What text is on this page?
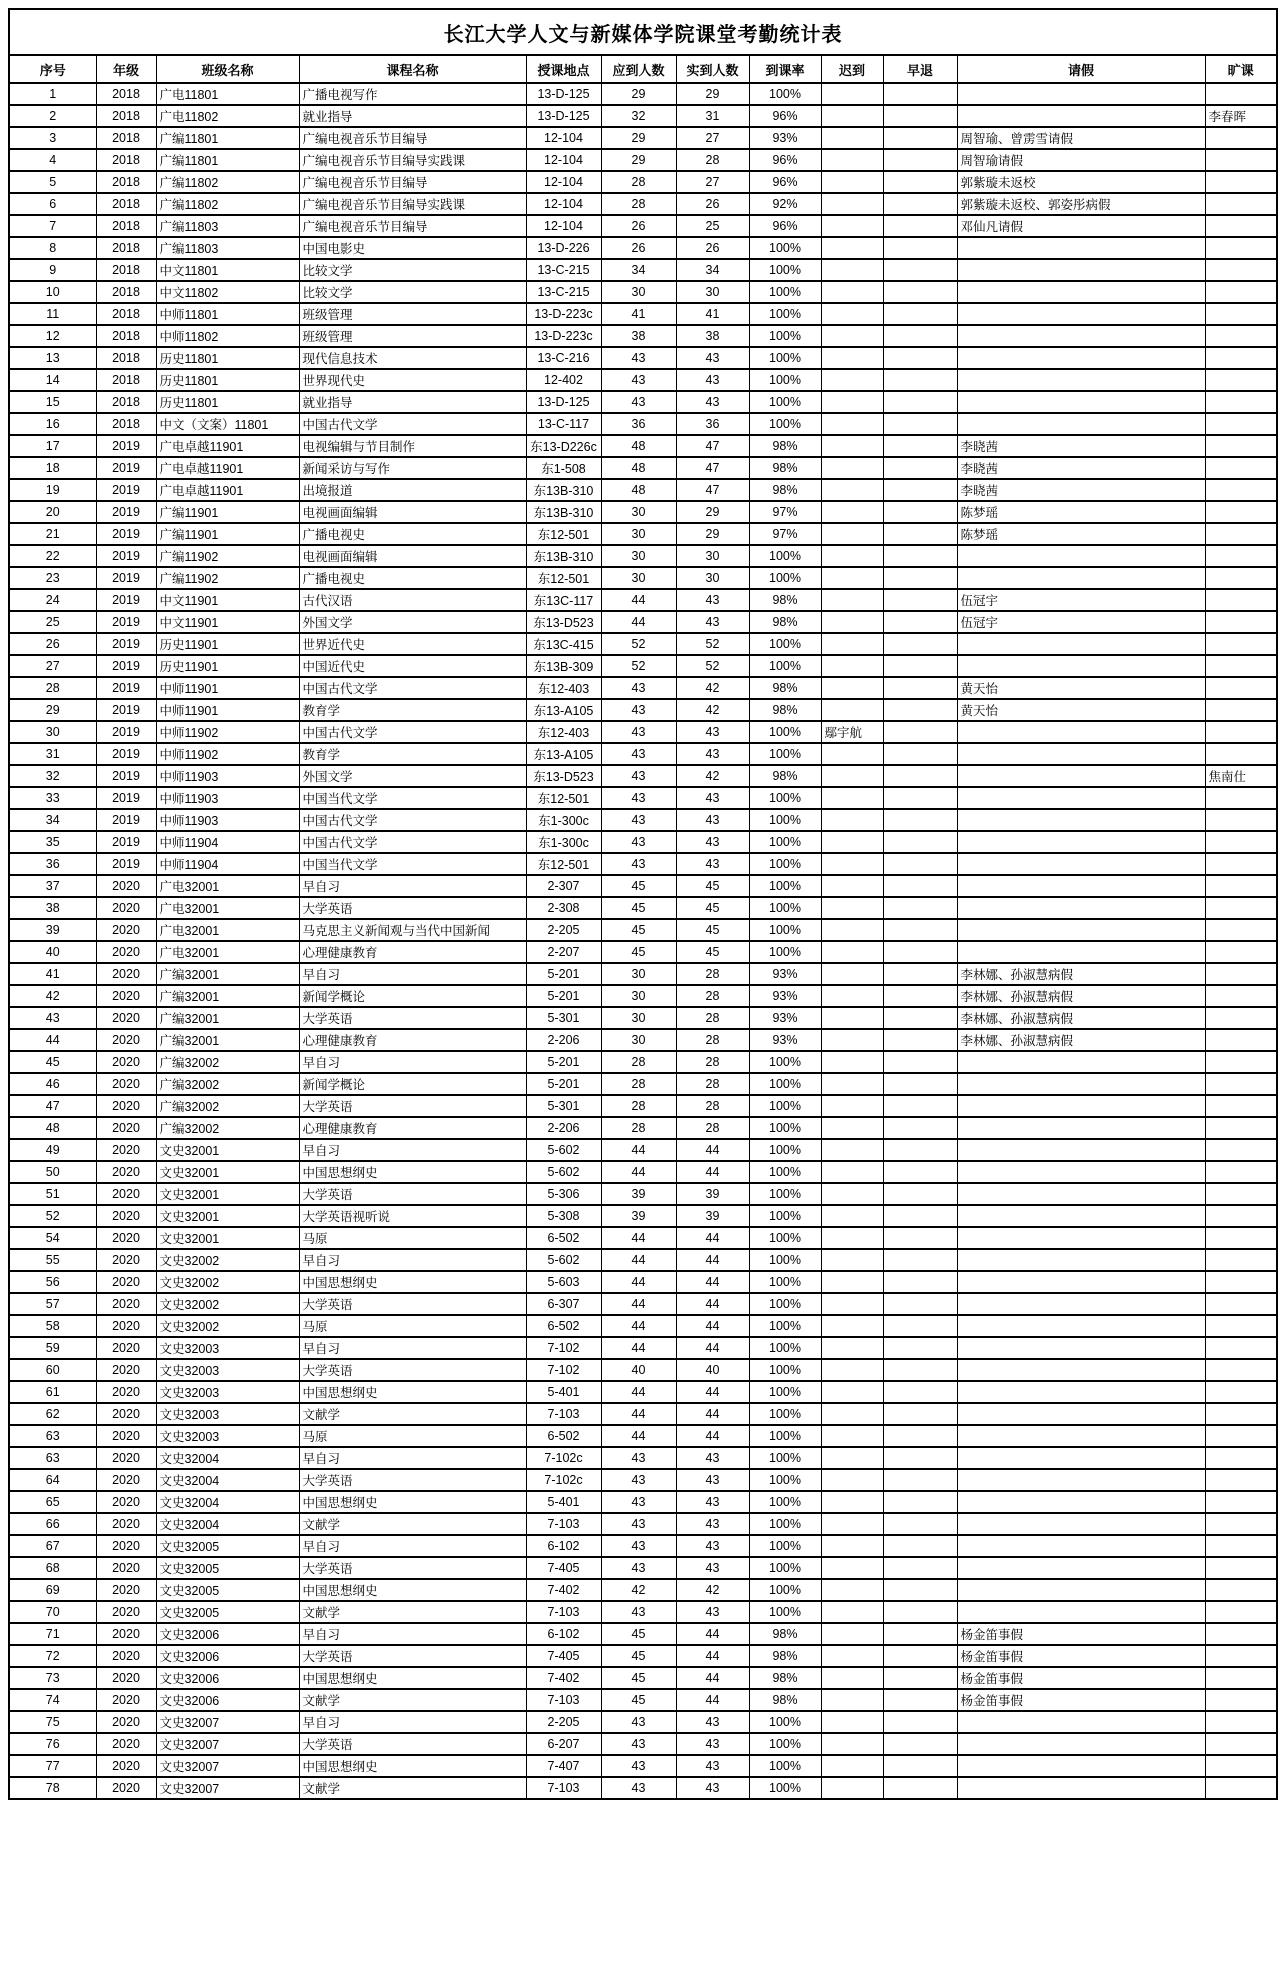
长江大学人文与新媒体学院课堂考勤统计表											
序号	年级	班级名称	课程名称	授课地点	应到人数	实到人数	到课率	迟到	早退	请假	旷课
1	2018	广电11801	广播电视写作	13-D-125	29	29	100%				
2	2018	广电11802	就业指导	13-D-125	32	31	96%				李春晖
3	2018	广编11801	广编电视音乐节目编导	12-104	29	27	93%			周智瑜、曾雳雪请假	
4	2018	广编11801	广编电视音乐节目编导实践课	12-104	29	28	96%			周智瑜请假	
5	2018	广编11802	广编电视音乐节目编导	12-104	28	27	96%			郭紫璇未返校	
6	2018	广编11802	广编电视音乐节目编导实践课	12-104	28	26	92%			郭紫璇未返校、郭姿彤病假	
7	2018	广编11803	广编电视音乐节目编导	12-104	26	25	96%			邓仙凡请假	
8	2018	广编11803	中国电影史	13-D-226	26	26	100%				
9	2018	中文11801	比较文学	13-C-215	34	34	100%				
10	2018	中文11802	比较文学	13-C-215	30	30	100%				
11	2018	中师11801	班级管理	13-D-223c	41	41	100%				
12	2018	中师11802	班级管理	13-D-223c	38	38	100%				
13	2018	历史11801	现代信息技术	13-C-216	43	43	100%				
14	2018	历史11801	世界现代史	12-402	43	43	100%				
15	2018	历史11801	就业指导	13-D-125	43	43	100%				
16	2018	中文（文案）11801	中国古代文学	13-C-117	36	36	100%				
17	2019	广电卓越11901	电视编辑与节目制作	东13-D226c	48	47	98%			李晓茜	
18	2019	广电卓越11901	新闻采访与写作	东1-508	48	47	98%			李晓茜	
19	2019	广电卓越11901	出境报道	东13B-310	48	47	98%			李晓茜	
20	2019	广编11901	电视画面编辑	东13B-310	30	29	97%			陈梦瑶	
21	2019	广编11901	广播电视史	东12-501	30	29	97%			陈梦瑶	
22	2019	广编11902	电视画面编辑	东13B-310	30	30	100%				
23	2019	广编11902	广播电视史	东12-501	30	30	100%				
24	2019	中文11901	古代汉语	东13C-117	44	43	98%			伍冠宇	
25	2019	中文11901	外国文学	东13-D523	44	43	98%			伍冠宇	
26	2019	历史11901	世界近代史	东13C-415	52	52	100%				
27	2019	历史11901	中国近代史	东13B-309	52	52	100%				
28	2019	中师11901	中国古代文学	东12-403	43	42	98%			黄天怡	
29	2019	中师11901	教育学	东13-A105	43	42	98%			黄天怡	
30	2019	中师11902	中国古代文学	东12-403	43	43	100%	鄢宇航			
31	2019	中师11902	教育学	东13-A105	43	43	100%				
32	2019	中师11903	外国文学	东13-D523	43	42	98%				焦南仕
33	2019	中师11903	中国当代文学	东12-501	43	43	100%				
34	2019	中师11903	中国古代文学	东1-300c	43	43	100%				
35	2019	中师11904	中国古代文学	东1-300c	43	43	100%				
36	2019	中师11904	中国当代文学	东12-501	43	43	100%				
37	2020	广电32001	早自习	2-307	45	45	100%				
38	2020	广电32001	大学英语	2-308	45	45	100%				
39	2020	广电32001	马克思主义新闻观与当代中国新闻	2-205	45	45	100%				
40	2020	广电32001	心理健康教育	2-207	45	45	100%				
41	2020	广编32001	早自习	5-201	30	28	93%			李林娜、孙淑慧病假	
42	2020	广编32001	新闻学概论	5-201	30	28	93%			李林娜、孙淑慧病假	
43	2020	广编32001	大学英语	5-301	30	28	93%			李林娜、孙淑慧病假	
44	2020	广编32001	心理健康教育	2-206	30	28	93%			李林娜、孙淑慧病假	
45	2020	广编32002	早自习	5-201	28	28	100%				
46	2020	广编32002	新闻学概论	5-201	28	28	100%				
47	2020	广编32002	大学英语	5-301	28	28	100%				
48	2020	广编32002	心理健康教育	2-206	28	28	100%				
49	2020	文史32001	早自习	5-602	44	44	100%				
50	2020	文史32001	中国思想纲史	5-602	44	44	100%				
51	2020	文史32001	大学英语	5-306	39	39	100%				
52	2020	文史32001	大学英语视听说	5-308	39	39	100%				
54	2020	文史32001	马原	6-502	44	44	100%				
55	2020	文史32002	早自习	5-602	44	44	100%				
56	2020	文史32002	中国思想纲史	5-603	44	44	100%				
57	2020	文史32002	大学英语	6-307	44	44	100%				
58	2020	文史32002	马原	6-502	44	44	100%				
59	2020	文史32003	早自习	7-102	44	44	100%				
60	2020	文史32003	大学英语	7-102	40	40	100%				
61	2020	文史32003	中国思想纲史	5-401	44	44	100%				
62	2020	文史32003	文献学	7-103	44	44	100%				
63	2020	文史32003	马原	6-502	44	44	100%				
63	2020	文史32004	早自习	7-102c	43	43	100%				
64	2020	文史32004	大学英语	7-102c	43	43	100%				
65	2020	文史32004	中国思想纲史	5-401	43	43	100%				
66	2020	文史32004	文献学	7-103	43	43	100%				
67	2020	文史32005	早自习	6-102	43	43	100%				
68	2020	文史32005	大学英语	7-405	43	43	100%				
69	2020	文史32005	中国思想纲史	7-402	42	42	100%				
70	2020	文史32005	文献学	7-103	43	43	100%				
71	2020	文史32006	早自习	6-102	45	44	98%			杨金笛事假	
72	2020	文史32006	大学英语	7-405	45	44	98%			杨金笛事假	
73	2020	文史32006	中国思想纲史	7-402	45	44	98%			杨金笛事假	
74	2020	文史32006	文献学	7-103	45	44	98%			杨金笛事假	
75	2020	文史32007	早自习	2-205	43	43	100%				
76	2020	文史32007	大学英语	6-207	43	43	100%				
77	2020	文史32007	中国思想纲史	7-407	43	43	100%				
78	2020	文史32007	文献学	7-103	43	43	100%				
